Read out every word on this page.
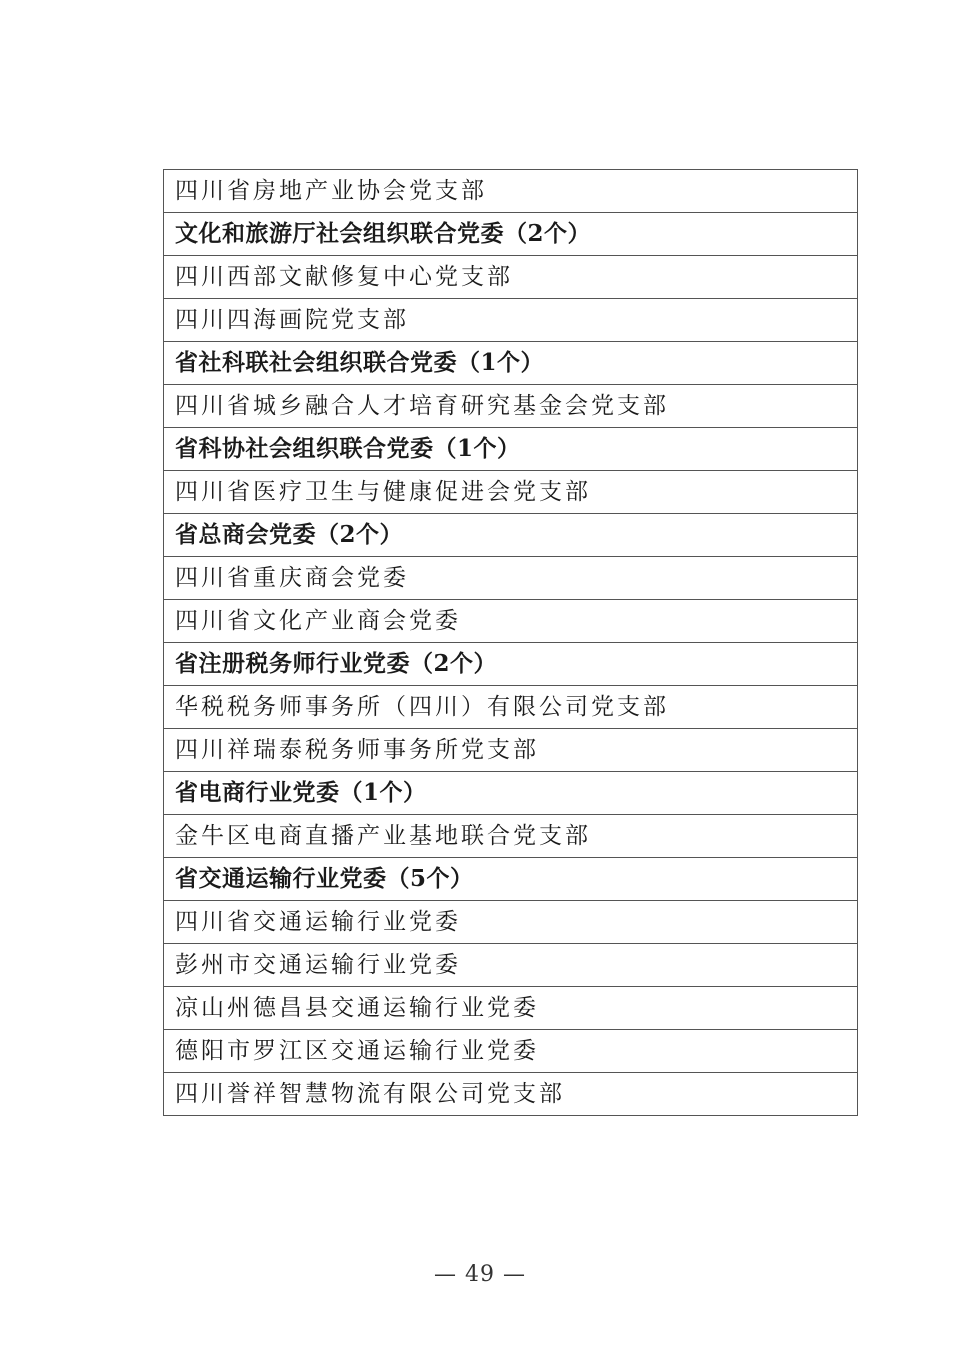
四川省房地产业协会党支部
文化和旅游厅社会组织联合党委（2个）
四川西部文献修复中心党支部
四川四海画院党支部
省社科联社会组织联合党委（1个）
四川省城乡融合人才培育研究基金会党支部
省科协社会组织联合党委（1个）
四川省医疗卫生与健康促进会党支部
省总商会党委（2个）
四川省重庆商会党委
四川省文化产业商会党委
省注册税务师行业党委（2个）
华税税务师事务所（四川）有限公司党支部
四川祥瑞泰税务师事务所党支部
省电商行业党委（1个）
金牛区电商直播产业基地联合党支部
省交通运输行业党委（5个）
四川省交通运输行业党委
彭州市交通运输行业党委
凉山州德昌县交通运输行业党委
德阳市罗江区交通运输行业党委
四川誉祥智慧物流有限公司党支部
— 49 —
